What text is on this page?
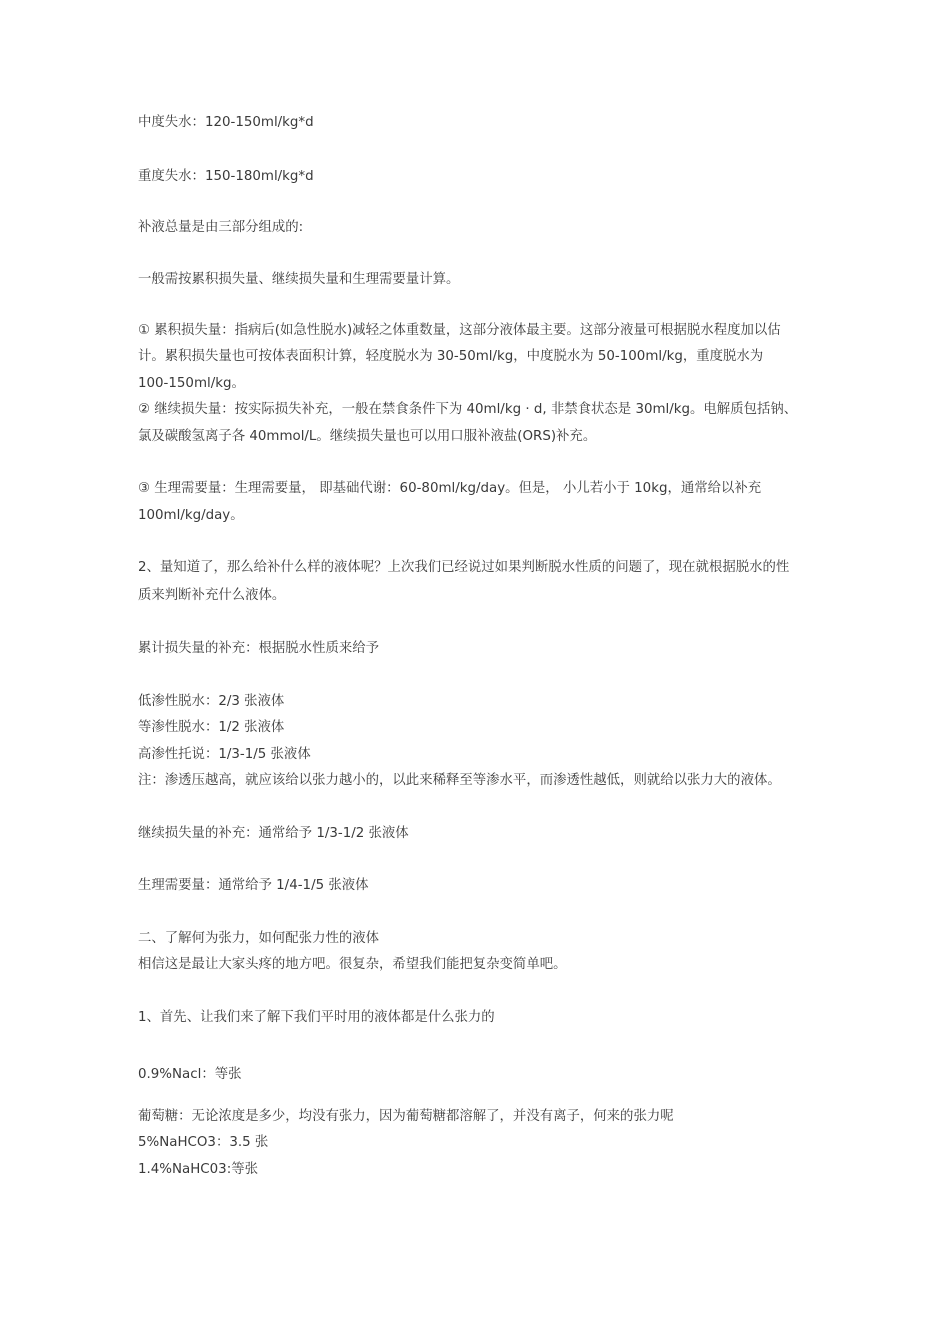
中度失水：120-150ml/kg*d

重度失水：150-180ml/kg*d

补液总量是由三部分组成的:

一般需按累积损失量、继续损失量和生理需要量计算。

① 累积损失量：指病后(如急性脱水)减轻之体重数量，这部分液体最主要。这部分液量可根据脱水程度加以估

计。累积损失量也可按体表面积计算，轻度脱水为 30-50ml/kg，中度脱水为 50-100ml/kg，重度脱水为

100-150ml/kg。

② 继续损失量：按实际损失补充，一般在禁食条件下为 40ml/kg · d, 非禁食状态是 30ml/kg。电解质包括钠、

氯及碳酸氢离子各 40mmol/L。继续损失量也可以用口服补液盐(ORS)补充。

③ 生理需要量：生理需要量， 即基础代谢：60-80ml/kg/day。但是， 小儿若小于 10kg，通常给以补充

100ml/kg/day。

2、量知道了，那么给补什么样的液体呢？上次我们已经说过如果判断脱水性质的问题了，现在就根据脱水的性

质来判断补充什么液体。

累计损失量的补充：根据脱水性质来给予

低渗性脱水：2/3 张液体

等渗性脱水：1/2 张液体

高渗性托说：1/3-1/5 张液体

注：渗透压越高，就应该给以张力越小的，以此来稀释至等渗水平，而渗透性越低，则就给以张力大的液体。

继续损失量的补充：通常给予 1/3-1/2 张液体

生理需要量：通常给予 1/4-1/5 张液体

二、了解何为张力，如何配张力性的液体

相信这是最让大家头疼的地方吧。很复杂，希望我们能把复杂变简单吧。

1、首先、让我们来了解下我们平时用的液体都是什么张力的

0.9%Nacl：等张

葡萄糖：无论浓度是多少，均没有张力，因为葡萄糖都溶解了，并没有离子，何来的张力呢

5%NaHCO3：3.5 张

1.4%NaHC03:等张
